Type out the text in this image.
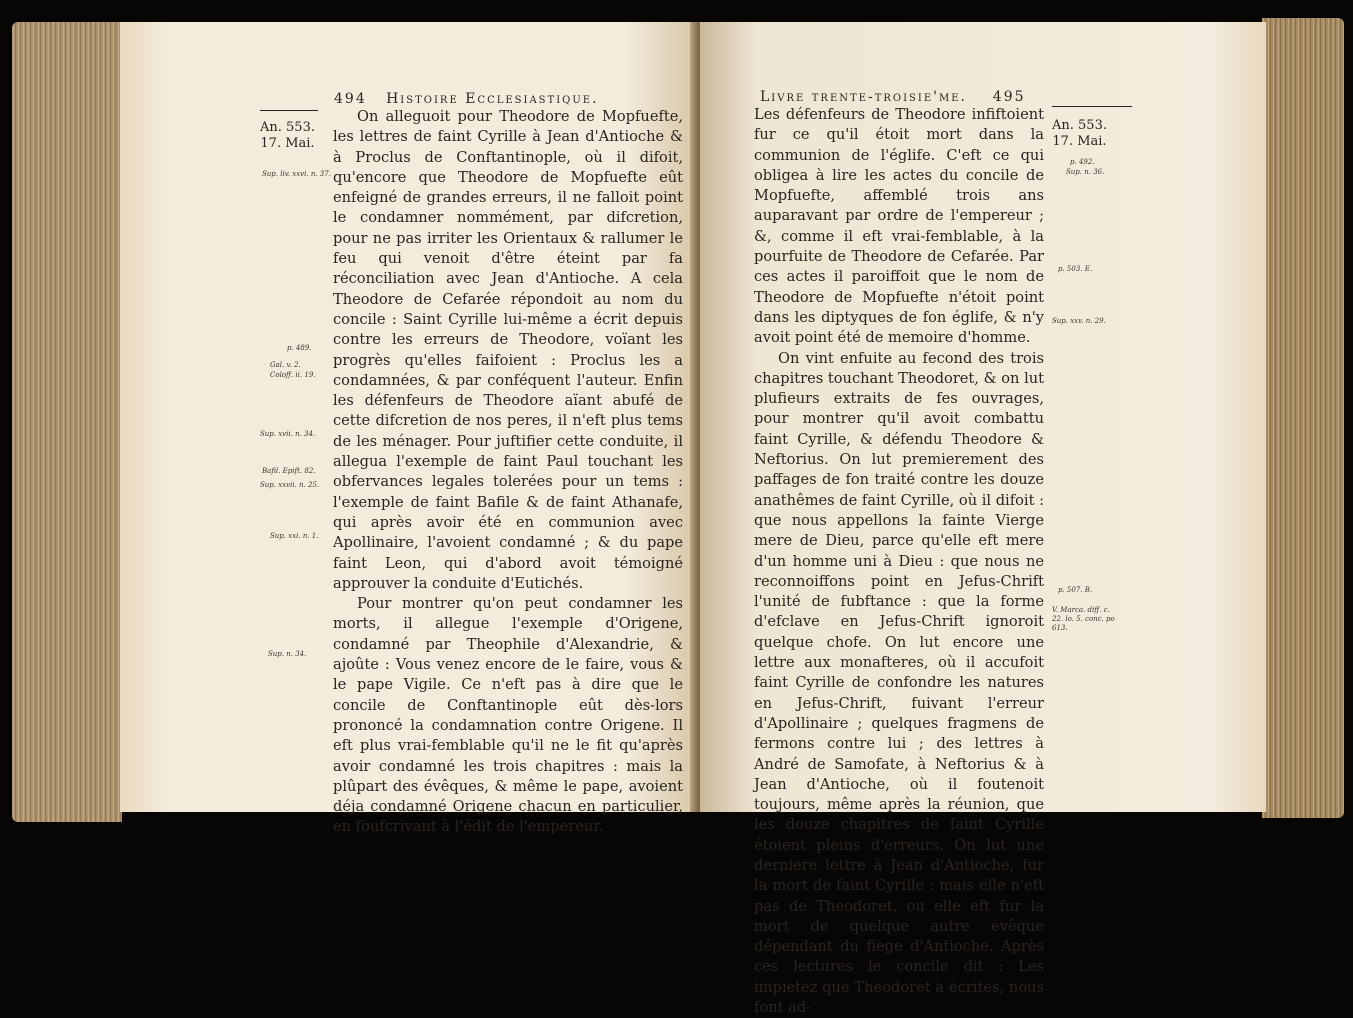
494 Histoire Ecclesiastique.
An. 553.
17. Mai.
Sup. liv. xxvi. n. 37.
p. 489.
Gal. v. 2.
Coloff. ii. 19.
Sup. xvii. n. 34.
Bafil. Epift. 82.
Sup. xxvii. n. 25.
Sup. xxi. n. 1.
Sup. n. 34.

On alleguoit pour Theodore de Mopfuefte, les lettres de faint Cyrille à Jean d'Antioche & à Proclus de Conftantinople, où il difoit, qu'encore que Theodore de Mopfuefte eût enfeigné de grandes erreurs, il ne falloit point le condamner nommément, par difcretion, pour ne pas irriter les Orientaux & rallumer le feu qui venoit d'être éteint par fa réconciliation avec Jean d'Antioche. A cela Theodore de Cefarée répondoit au nom du concile : Saint Cyrille lui-même a écrit depuis contre les erreurs de Theodore, voïant les progrès qu'elles faifoient : Proclus les a condamnées, & par conféquent l'auteur. Enfin les défenfeurs de Theodore aïant abufé de cette difcretion de nos peres, il n'eft plus tems de les ménager. Pour juftifier cette conduite, il allegua l'exemple de faint Paul touchant les obfervances legales tolerées pour un tems : l'exemple de faint Bafile & de faint Athanafe, qui après avoir été en communion avec Apollinaire, l'avoient condamné ; & du pape faint Leon, qui d'abord avoit témoigné approuver la conduite d'Eutichés.

Pour montrer qu'on peut condamner les morts, il allegue l'exemple d'Origene, condamné par Theophile d'Alexandrie, & ajoûte : Vous venez encore de le faire, vous & le pape Vigile. Ce n'eft pas à dire que le concile de Conftantinople eût dès-lors prononcé la condamnation contre Origene. Il eft plus vrai-femblable qu'il ne le fit qu'après avoir condamné les trois chapitres : mais la plûpart des évêques, & même le pape, avoient déja condamné Origene chacun en particulier, en foufcrivant à l'édit de l'empereur.

Livre trente-troisie'me. 495
An. 553.
17. Mai.
p. 492.
Sup. n. 36.
p. 503. E.
Sup. xxv. n. 29.
p. 507. B.
V. Marca. diff. c.
22. lo. 5. conc. po
613.

Les défenfeurs de Theodore infiftoient fur ce qu'il étoit mort dans la communion de l'églife. C'eft ce qui obligea à lire les actes du concile de Mopfuefte, affemblé trois ans auparavant par ordre de l'empereur ; &, comme il eft vrai-femblable, à la pourfuite de Theodore de Cefarée. Par ces actes il paroiffoit que le nom de Theodore de Mopfuefte n'étoit point dans les diptyques de fon églife, & n'y avoit point été de memoire d'homme.

On vint enfuite au fecond des trois chapitres touchant Theodoret, & on lut plufieurs extraits de fes ouvrages, pour montrer qu'il avoit combattu faint Cyrille, & défendu Theodore & Neftorius. On lut premierement des paffages de fon traité contre les douze anathêmes de faint Cyrille, où il difoit : que nous appellons la fainte Vierge mere de Dieu, parce qu'elle eft mere d'un homme uni à Dieu : que nous ne reconnoiffons point en Jefus-Chrift l'unité de fubftance : que la forme d'efclave en Jefus-Chrift ignoroit quelque chofe. On lut encore une lettre aux monafteres, où il accufoit faint Cyrille de confondre les natures en Jefus-Chrift, fuivant l'erreur d'Apollinaire ; quelques fragmens de fermons contre lui ; des lettres à André de Samofate, à Neftorius & à Jean d'Antioche, où il foutenoit toujours, même après la réunion, que les douze chapitres de faint Cyrille étoient pleins d'erreurs. On lut une derniere lettre à Jean d'Antioche, fur la mort de faint Cyrille : mais elle n'eft pas de Theodoret, ou elle eft fur la mort de quelque autre évêque dépendant du fiege d'Antioche. Après ces lectures le concile dit : Les impietez que Theodoret à écrites, nous font ad-
